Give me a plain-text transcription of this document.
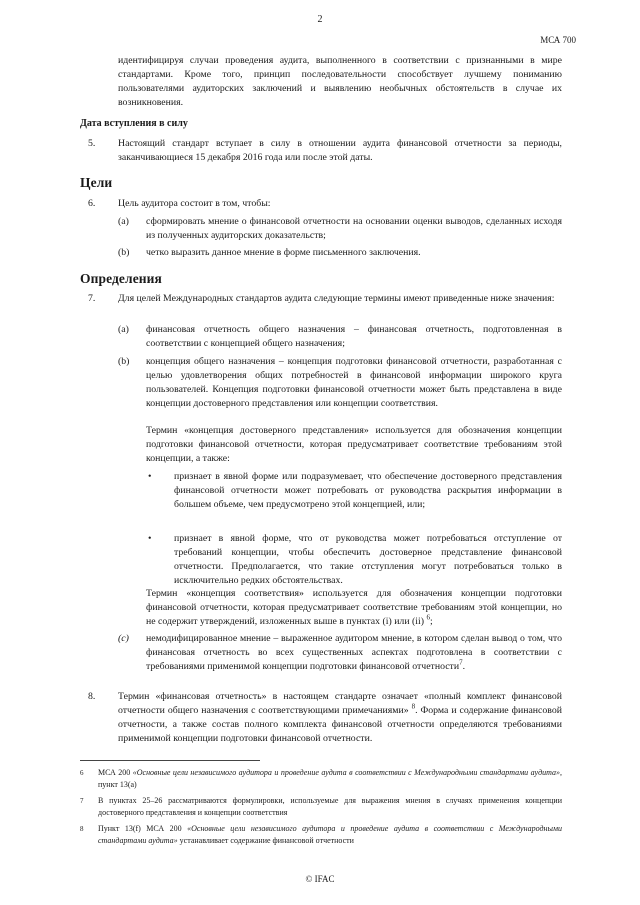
2
МСА 700
идентифицируя случаи проведения аудита, выполненного в соответствии с признанными в мире стандартами. Кроме того, принцип последовательности способствует лучшему пониманию пользователями аудиторских заключений и выявлению необычных обстоятельств в случае их возникновения.
Дата вступления в силу
5. Настоящий стандарт вступает в силу в отношении аудита финансовой отчетности за периоды, заканчивающиеся 15 декабря 2016 года или после этой даты.
Цели
6. Цель аудитора состоит в том, чтобы:
(a) сформировать мнение о финансовой отчетности на основании оценки выводов, сделанных исходя из полученных аудиторских доказательств;
(b) четко выразить данное мнение в форме письменного заключения.
Определения
7. Для целей Международных стандартов аудита следующие термины имеют приведенные ниже значения:
(a) финансовая отчетность общего назначения – финансовая отчетность, подготовленная в соответствии с концепцией общего назначения;
(b) концепция общего назначения – концепция подготовки финансовой отчетности, разработанная с целью удовлетворения общих потребностей в финансовой информации широкого круга пользователей. Концепция подготовки финансовой отчетности может быть представлена в виде концепции достоверного представления или концепции соответствия.
Термин «концепция достоверного представления» используется для обозначения концепции подготовки финансовой отчетности, которая предусматривает соответствие требованиям этой концепции, а также:
• признает в явной форме или подразумевает, что обеспечение достоверного представления финансовой отчетности может потребовать от руководства раскрытия информации в большем объеме, чем предусмотрено этой концепцией, или;
• признает в явной форме, что от руководства может потребоваться отступление от требований концепции, чтобы обеспечить достоверное представление финансовой отчетности. Предполагается, что такие отступления могут потребоваться только в исключительно редких обстоятельствах.
Термин «концепция соответствия» используется для обозначения концепции подготовки финансовой отчетности, которая предусматривает соответствие требованиям этой концепции, но не содержит утверждений, изложенных выше в пунктах (i) или (ii) $^6$;
(c) немодифицированное мнение – выраженное аудитором мнение, в котором сделан вывод о том, что финансовая отчетность во всех существенных аспектах подготовлена в соответствии с требованиями применимой концепции подготовки финансовой отчетности$^7$.
8. Термин «финансовая отчетность» в настоящем стандарте означает «полный комплект финансовой отчетности общего назначения с соответствующими примечаниями» $^8$. Форма и содержание финансовой отчетности, а также состав полного комплекта финансовой отчетности определяются требованиями применимой концепции подготовки финансовой отчетности.
6 МСА 200 «Основные цели независимого аудитора и проведение аудита в соответствии с Международными стандартами аудита», пункт 13(a)
7 В пунктах 25–26 рассматриваются формулировки, используемые для выражения мнения в случаях применения концепции достоверного представления и концепции соответствия
8 Пункт 13(f) МСА 200 «Основные цели независимого аудитора и проведение аудита в соответствии с Международными стандартами аудита» устанавливает содержание финансовой отчетности
© IFAC
